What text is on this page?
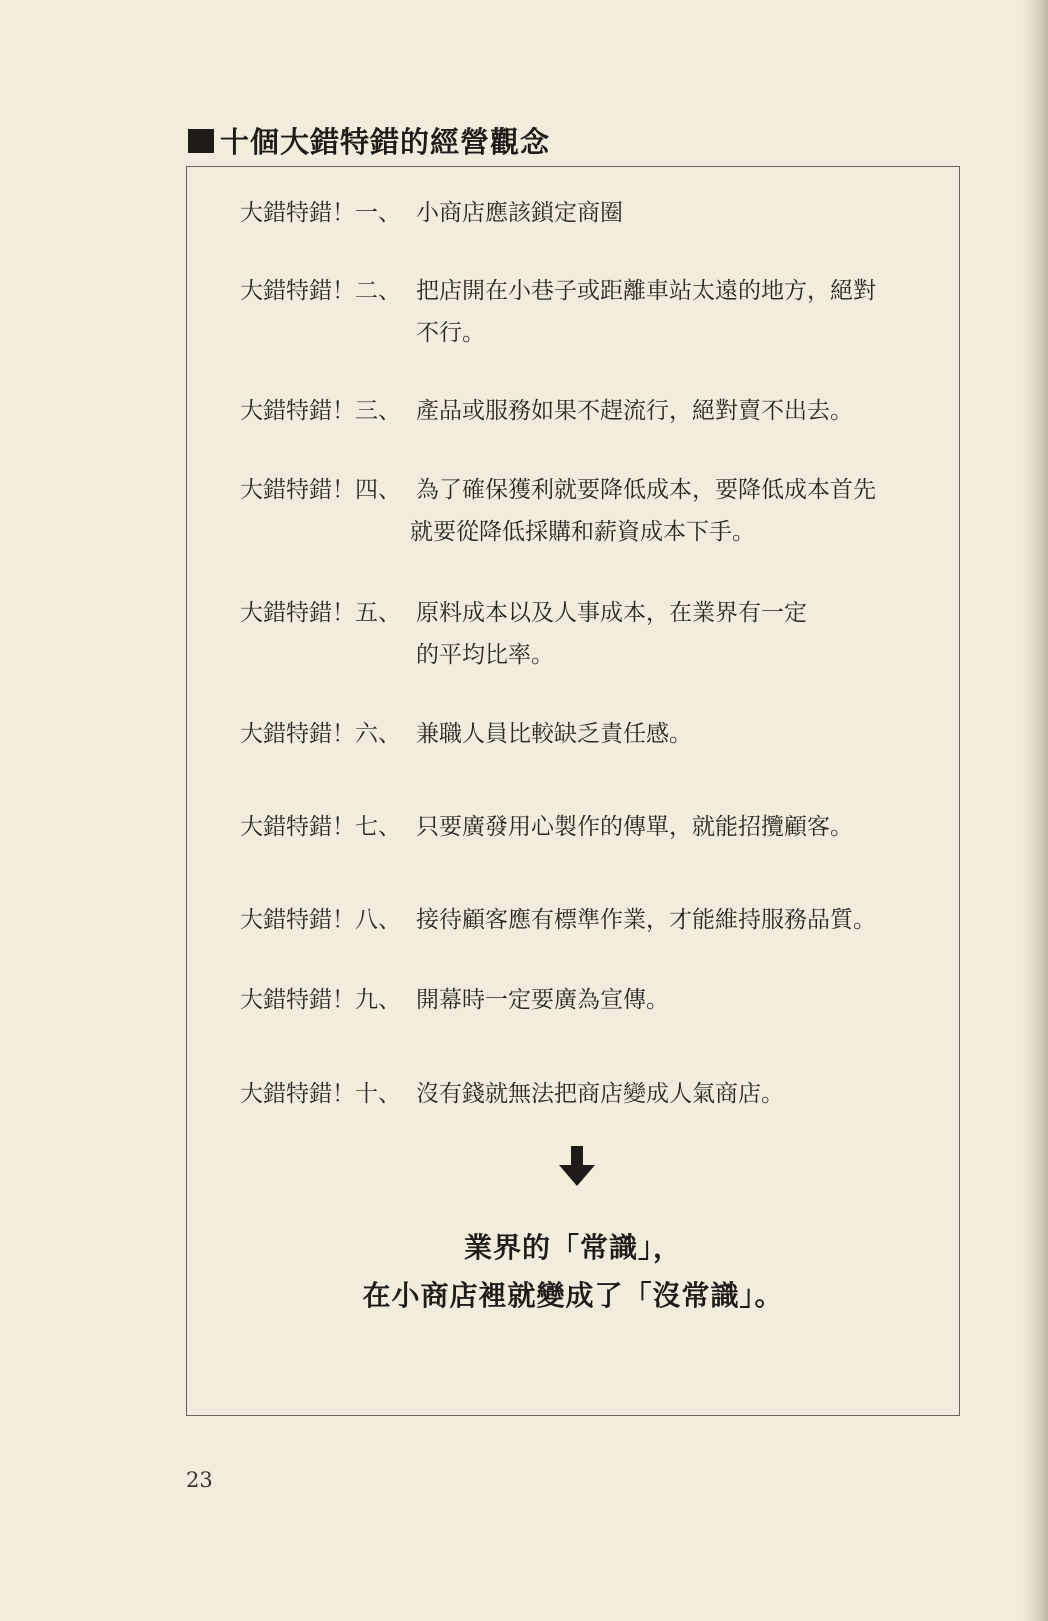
十個大錯特錯的經營觀念
大錯特錯！一、 小商店應該鎖定商圈
大錯特錯！二、 把店開在小巷子或距離車站太遠的地方，絕對
不行。
大錯特錯！三、 產品或服務如果不趕流行，絕對賣不出去。
大錯特錯！四、 為了確保獲利就要降低成本，要降低成本首先
就要從降低採購和薪資成本下手。
大錯特錯！五、 原料成本以及人事成本，在業界有一定
的平均比率。
大錯特錯！六、 兼職人員比較缺乏責任感。
大錯特錯！七、 只要廣發用心製作的傳單，就能招攬顧客。
大錯特錯！八、 接待顧客應有標準作業，才能維持服務品質。
大錯特錯！九、 開幕時一定要廣為宣傳。
大錯特錯！十、 沒有錢就無法把商店變成人氣商店。
業界的「常識」，
在小商店裡就變成了「沒常識」。
23
